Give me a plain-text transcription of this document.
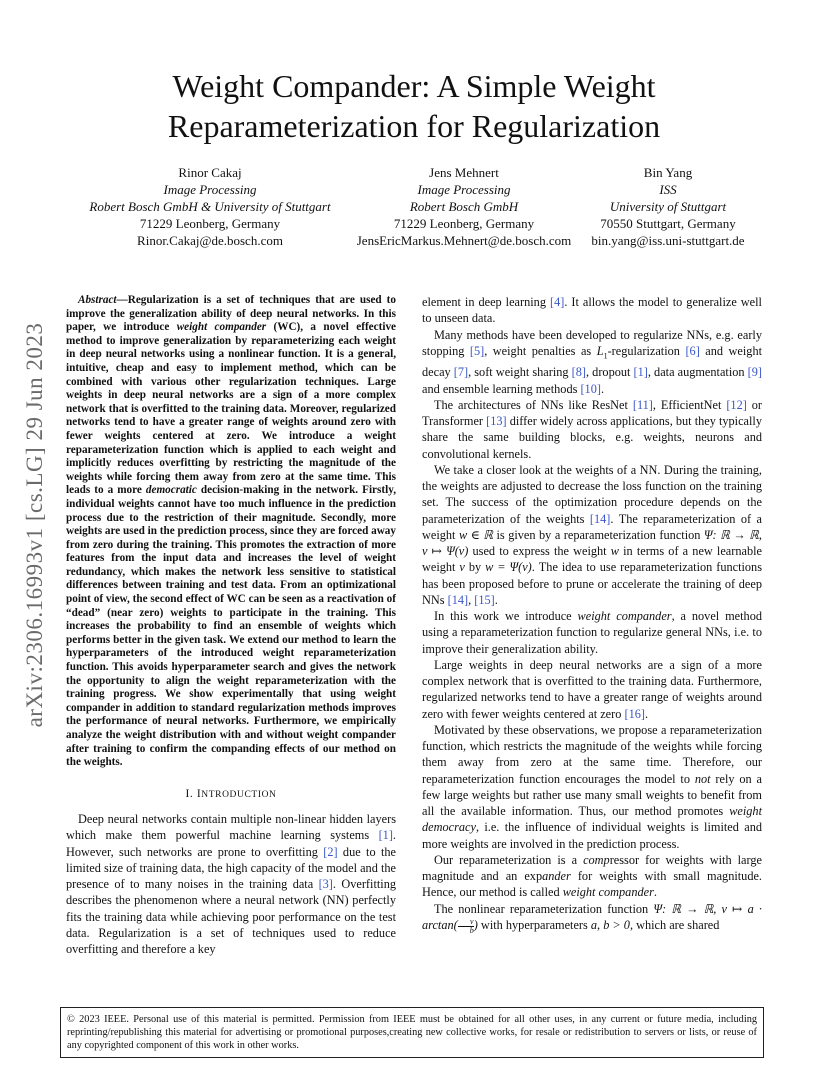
arXiv:2306.16993v1 [cs.LG] 29 Jun 2023
Weight Compander: A Simple Weight
Reparameterization for Regularization
Rinor Cakaj
Image Processing
Robert Bosch GmbH & University of Stuttgart
71229 Leonberg, Germany
Rinor.Cakaj@de.bosch.com
Jens Mehnert
Image Processing
Robert Bosch GmbH
71229 Leonberg, Germany
JensEricMarkus.Mehnert@de.bosch.com
Bin Yang
ISS
University of Stuttgart
70550 Stuttgart, Germany
bin.yang@iss.uni-stuttgart.de

Abstract—Regularization is a set of techniques that are used to improve the generalization ability of deep neural networks. In this paper, we introduce weight compander (WC), a novel effective method to improve generalization by reparameterizing each weight in deep neural networks using a nonlinear function. It is a general, intuitive, cheap and easy to implement method, which can be combined with various other regularization techniques. Large weights in deep neural networks are a sign of a more complex network that is overfitted to the training data. Moreover, regularized networks tend to have a greater range of weights around zero with fewer weights centered at zero. We introduce a weight reparameterization function which is applied to each weight and implicitly reduces overfitting by restricting the magnitude of the weights while forcing them away from zero at the same time. This leads to a more democratic decision-making in the network. Firstly, individual weights cannot have too much influence in the prediction process due to the restriction of their magnitude. Secondly, more weights are used in the prediction process, since they are forced away from zero during the training. This promotes the extraction of more features from the input data and increases the level of weight redundancy, which makes the network less sensitive to statistical differences between training and test data. From an optimizational point of view, the second effect of WC can be seen as a reactivation of “dead” (near zero) weights to participate in the training. This increases the probability to find an ensemble of weights which performs better in the given task. We extend our method to learn the hyperparameters of the introduced weight reparameterization function. This avoids hyperparameter search and gives the network the opportunity to align the weight reparameterization with the training progress. We show experimentally that using weight compander in addition to standard regularization methods improves the performance of neural networks. Furthermore, we empirically analyze the weight distribution with and without weight compander after training to confirm the companding effects of our method on the weights.

I. INTRODUCTION

Deep neural networks contain multiple non-linear hidden layers which make them powerful machine learning systems [1]. However, such networks are prone to overfitting [2] due to the limited size of training data, the high capacity of the model and the presence of to many noises in the training data [3]. Overfitting describes the phenomenon where a neural network (NN) perfectly fits the training data while achieving poor performance on the test data. Regularization is a set of techniques used to reduce overfitting and therefore a key

element in deep learning [4]. It allows the model to generalize well to unseen data.

Many methods have been developed to regularize NNs, e.g. early stopping [5], weight penalties as $L_1$-regularization [6] and weight decay [7], soft weight sharing [8], dropout [1], data augmentation [9] and ensemble learning methods [10].

The architectures of NNs like ResNet [11], EfficientNet [12] or Transformer [13] differ widely across applications, but they typically share the same building blocks, e.g. weights, neurons and convolutional kernels.

We take a closer look at the weights of a NN. During the training, the weights are adjusted to decrease the loss function on the training set. The success of the optimization procedure depends on the parameterization of the weights [14]. The reparameterization of a weight w ∈ ℝ is given by a reparameterization function Ψ: ℝ → ℝ, v ↦ Ψ(v) used to express the weight w in terms of a new learnable weight v by w = Ψ(v). The idea to use reparameterization functions has been proposed before to prune or accelerate the training of deep NNs [14], [15].

In this work we introduce weight compander, a novel method using a reparameterization function to regularize general NNs, i.e. to improve their generalization ability.

Large weights in deep neural networks are a sign of a more complex network that is overfitted to the training data. Furthermore, regularized networks tend to have a greater range of weights around zero with fewer weights centered at zero [16].

Motivated by these observations, we propose a reparameterization function, which restricts the magnitude of the weights while forcing them away from zero at the same time. Therefore, our reparameterization function encourages the model to not rely on a few large weights but rather use many small weights to benefit from all the available information. Thus, our method promotes weight democracy, i.e. the influence of individual weights is limited and more weights are involved in the prediction process.

Our reparameterization is a compressor for weights with large magnitude and an expander for weights with small magnitude. Hence, our method is called weight compander.

The nonlinear reparameterization function Ψ: ℝ → ℝ, v ↦ $a \cdot \arctan( \frac{v}{b}$ ) with hyperparameters a, b > 0, which are shared

© 2023 IEEE. Personal use of this material is permitted. Permission from IEEE must be obtained for all other uses, in any current or future media, including reprinting/republishing this material for advertising or promotional purposes,creating new collective works, for resale or redistribution to servers or lists, or reuse of any copyrighted component of this work in other works.
